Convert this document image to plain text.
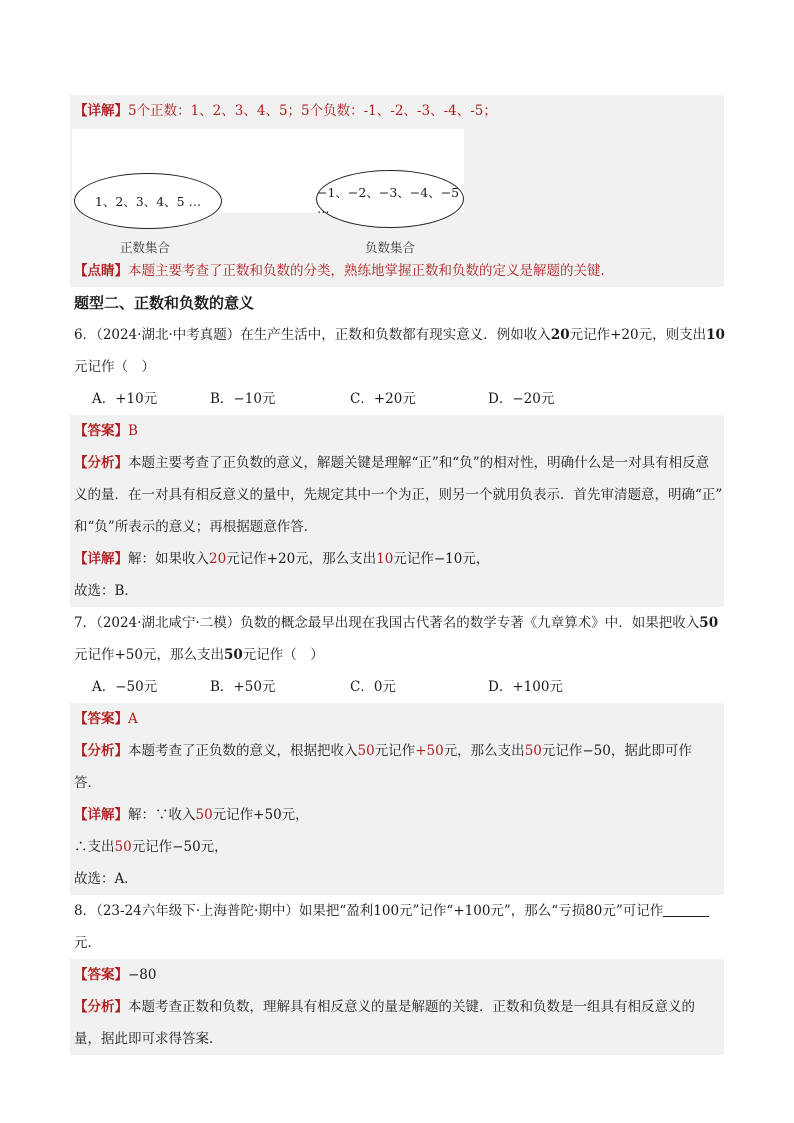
【详解】5个正数：1、2、3、4、5；5个负数：-1、-2、-3、-4、-5；
1、2、3、4、5 …
正数集合
−1、−2、−3、−4、−5 …
负数集合
【点睛】本题主要考查了正数和负数的分类，熟练地掌握正数和负数的定义是解题的关键．
题型二、正数和负数的意义
6．（2024·湖北·中考真题）在生产生活中，正数和负数都有现实意义．例如收入20元记作+20元，则支出10
元记作（　）
A．+10元	B．−10元	C．+20元	D．−20元
【答案】B
【分析】本题主要考查了正负数的意义，解题关键是理解“正”和“负”的相对性，明确什么是一对具有相反意
义的量．在一对具有相反意义的量中，先规定其中一个为正，则另一个就用负表示．首先审清题意，明确“正”
和“负”所表示的意义；再根据题意作答．
【详解】解：如果收入20元记作+20元，那么支出10元记作−10元，
故选：B．
7．（2024·湖北咸宁·二模）负数的概念最早出现在我国古代著名的数学专著《九章算术》中．如果把收入50
元记作+50元，那么支出50元记作（　）
A．−50元	B．+50元	C．0元	D．+100元
【答案】A
【分析】本题考查了正负数的意义，根据把收入50元记作+50元，那么支出50元记作−50，据此即可作
答．
【详解】解：∵收入50元记作+50元，
∴支出50元记作−50元，
故选：A．
8．（23-24六年级下·上海普陀·期中）如果把“盈利100元”记作“+100元”，那么“亏损80元”可记作
元．
【答案】−80
【分析】本题考查正数和负数，理解具有相反意义的量是解题的关键．正数和负数是一组具有相反意义的
量，据此即可求得答案．
